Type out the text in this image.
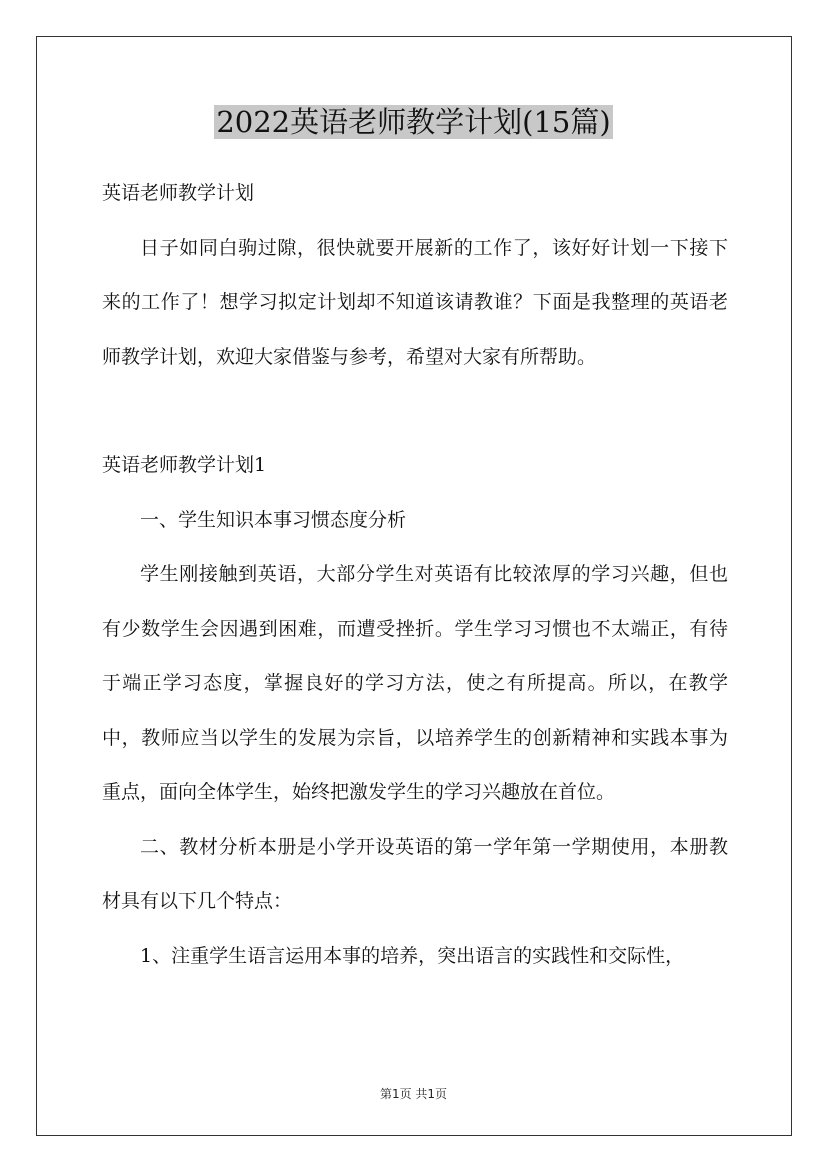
2022英语老师教学计划(15篇)

英语老师教学计划

日子如同白驹过隙，很快就要开展新的工作了，该好好计划一下接下来的工作了！想学习拟定计划却不知道该请教谁？下面是我整理的英语老师教学计划，欢迎大家借鉴与参考，希望对大家有所帮助。

英语老师教学计划1

一、学生知识本事习惯态度分析

学生刚接触到英语，大部分学生对英语有比较浓厚的学习兴趣，但也有少数学生会因遇到困难，而遭受挫折。学生学习习惯也不太端正，有待于端正学习态度，掌握良好的学习方法，使之有所提高。所以，在教学中，教师应当以学生的发展为宗旨，以培养学生的创新精神和实践本事为重点，面向全体学生，始终把激发学生的学习兴趣放在首位。

二、教材分析本册是小学开设英语的第一学年第一学期使用，本册教材具有以下几个特点：

1、注重学生语言运用本事的培养，突出语言的实践性和交际性，

第1页 共1页
